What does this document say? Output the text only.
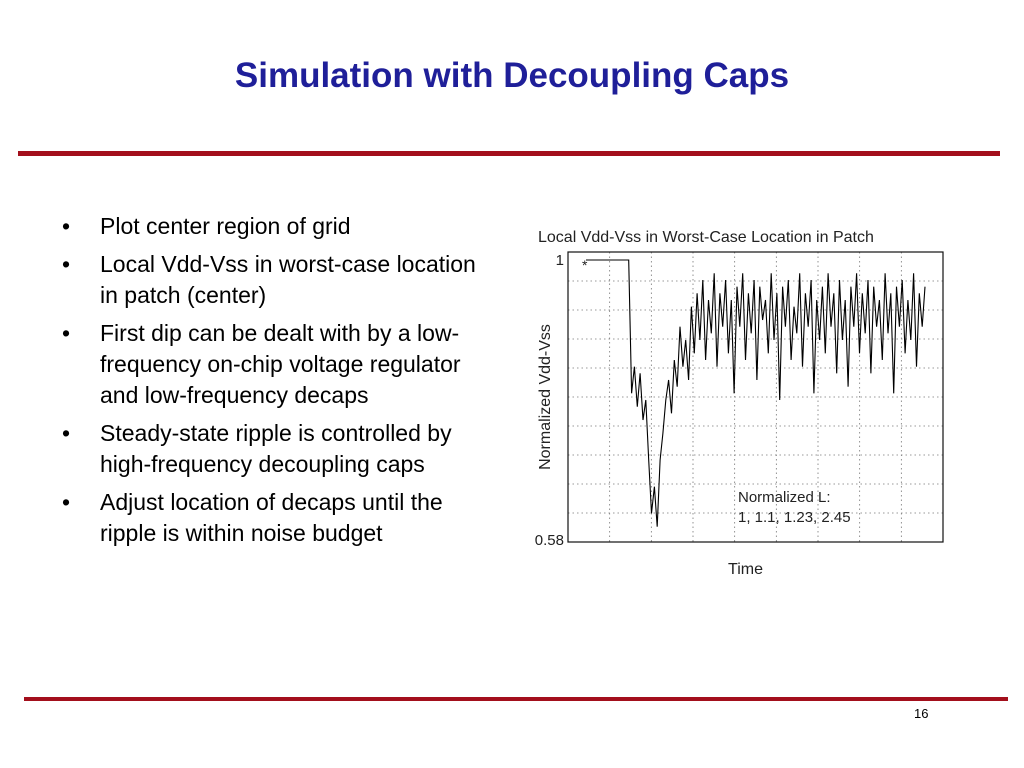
Simulation with Decoupling Caps
• Plot center region of grid
• Local Vdd-Vss in worst-case location in patch (center)
• First dip can be dealt with by a low-frequency on-chip voltage regulator and low-frequency decaps
• Steady-state ripple is controlled by high-frequency decoupling caps
• Adjust location of decaps until the ripple is within noise budget
Local Vdd-Vss in Worst-Case Location in Patch
*
1
0.58
Normalized Vdd-Vss
Time
Normalized L:
1, 1.1, 1.23, 2.45
16
